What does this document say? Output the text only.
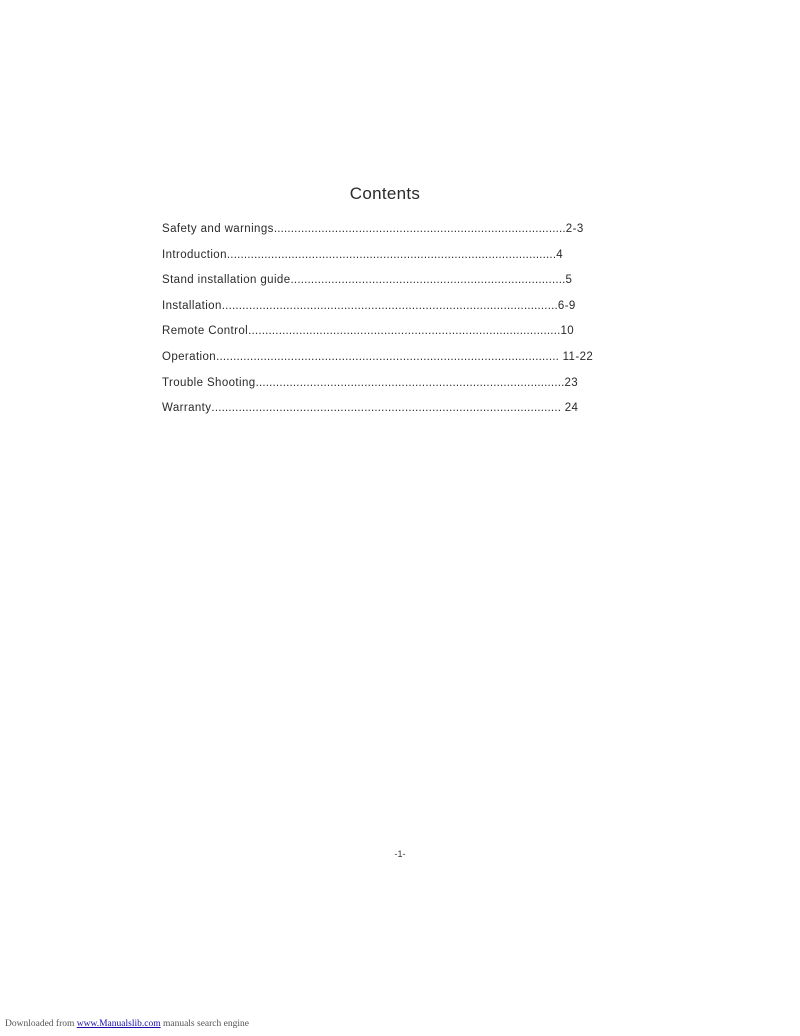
Contents
Safety and warnings......................................................................................2-3
Introduction.................................................................................................4
Stand installation guide.................................................................................5
Installation...................................................................................................6-9
Remote Control............................................................................................10
Operation..................................................................................................... 11-22
Trouble Shooting...........................................................................................23
Warranty....................................................................................................... 24
-1-
Downloaded from www.Manualslib.com manuals search engine
